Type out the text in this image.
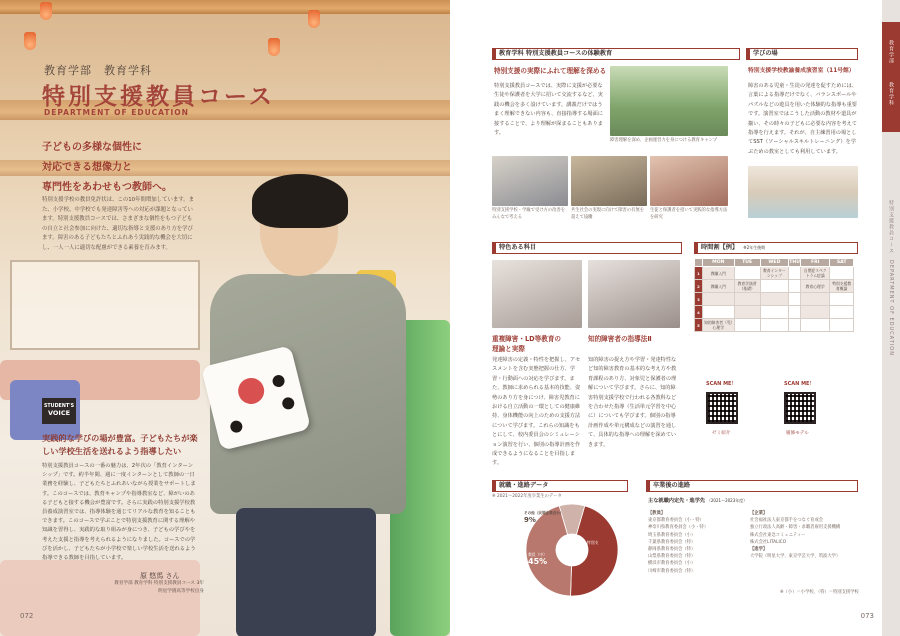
教育学部　教育学科
特別支援教員コース
DEPARTMENT OF EDUCATION
子どもの多様な個性に
対応できる想像力と
専門性をあわせもつ教師へ。
特別支援学校の教員免許状は、この10年間増加しています。また、小学校、中学校でも発達障害等への対応が課題となっています。特別支援教員コースでは、さまざまな個性をもつ子どもの自立と社会参加に向けた、適切な指導と支援のあり方を学びます。障害のある子どもたちとふれあう実践的な機会を大切にし、一人一人に適切な配慮ができる素養を育みます。
STUDENT'S
VOICE
実践的な学びの場が豊富。子どもたちが楽しい学校生活を送れるよう指導したい
特別支援教員コースの一番の魅力は、2年次の「教育インターンシップ」です。約半年間、週に一度インターンとして教師の一日業務を経験し、子どもたちとふれあいながら授業をサポートします。このコースでは、教育キャンプや指導教室など、障がいのある子どもと接する機会が豊富です。さらに実践の特別支援学校教員養成演習室では、指導体験を通じてリアルな教育を知ることもできます。このコースで学ぶことで特別支援教育に関する理解や知識を習得し、実践的な取り組みが身につき、子どもの学びやを考えた支援と指導を考えられるようになりました。コースでの学びを活かし、子どもたちが小学校で楽しい学校生活を送れるよう指導できる教師を目指しています。
原 悠馬 さん
教育学部 教育学科 特別支援教員コース 3年
明星学園高等学校出身
072
教育学科 特別支援教員コースの体験教育
特別支援の実際にふれて理解を深める
特別支援教員コースでは、実際に支援が必要な生徒や保護者を大学に招いて交流するなど、実践の機会を多く設けています。講義だけではうまく理解できない内容も、直接指導する場面に接することで、より理解が深まることもあります。
障害理解を深め、企画運営力を身につける教育キャンプ
特別支援学校・学級で受け方の改善をみんなで考える
共生社会の実現に向けて障害の有無を超えて協働
生徒と保護者を招いて実践的な指導方法を研究
学びの場
特別支援学校教諭養成演習室（11号館）
障害のある児童・生徒の発達を促すためには、言葉による指導だけでなく、バランスボールやパズルなどの遊具を用いた体験的な指導も重要です。演習室ではこうした活動の教材や道具が揃い、その時々の子どもに必要な内容を考えて指導を行えます。それが、自主練習用の場としてSST（ソーシャルスキルトレーニング）を学ぶための教室としても利用しています。
特色ある科目
重複障害・LD等教育の
理論と実際
発達障害の定義・特性を把握し、アセスメントを含む実態把握の仕方、学習・行動面への対応を学びます。また、教師に求められる基本的技能、姿勢のあり方を身につけ、障害児教育における自立活動の一環としての健康維持、身体機能の向上のための支援方法について学びます。これらの知識をもとにして、校内委員会のシミュレーション演習を行い、個別の指導計画を作成できるようになることを目指します。
知的障害者の指導法Ⅱ
知的障害の捉え方や学習・発達特性など知的障害教育の基本的な考え方や教育課程のあり方、対象児と保護者の理解について学びます。さらに、知的障害特別支援学校で行われる各教科などを合わせた指導（生活単元学習を中心に）についても学びます。個別の指導計画作成や単元構成などの演習を通して、具体的な指導への理解を深めていきます。
時間割【例】 ※2年生後期
	MON	TUE	WED	THU	FRI	SAT
1	教職入門		教育インターンシップ		自閉症スペクトラム症論	
2	教職入門	教育学演習（基礎）			教育心理学	特別支援教育概論
3						
4						
5	知的障害者（児）心理学					
SCAN ME！
ゼミ紹介
SCAN ME！
履修モデル
就職・進路データ
※ 2021〜2022年度卒業生のデータ
その他（民間企業含む）
9%
教員（小・特別支援）
46%
教員（中）
45%
卒業後の進路
主な就職内定先・進学先 （2021〜2023年度）
【教員】
東京都教育委員会（小・特）
神奈川県教育委員会（小・特）
埼玉県教育委員会（小）
千葉県教育委員会（特）
静岡県教育委員会（特）
山梨県教育委員会（特）
横浜市教育委員会（小）
川崎市教育委員会（特）
【企業】
社会福祉法人東京都手をつなぐ育成会
独立行政法人高齢・障害・求職者雇用支援機構
株式会社東急コミュニティー
株式会社LITALICO
【進学】
大学院（明星大学、東京学芸大学、筑波大学）
※（小）＝小学校、（特）＝特別支援学校
教育学部
教育学科
特別支援教員コース　DEPARTMENT OF EDUCATION
073
